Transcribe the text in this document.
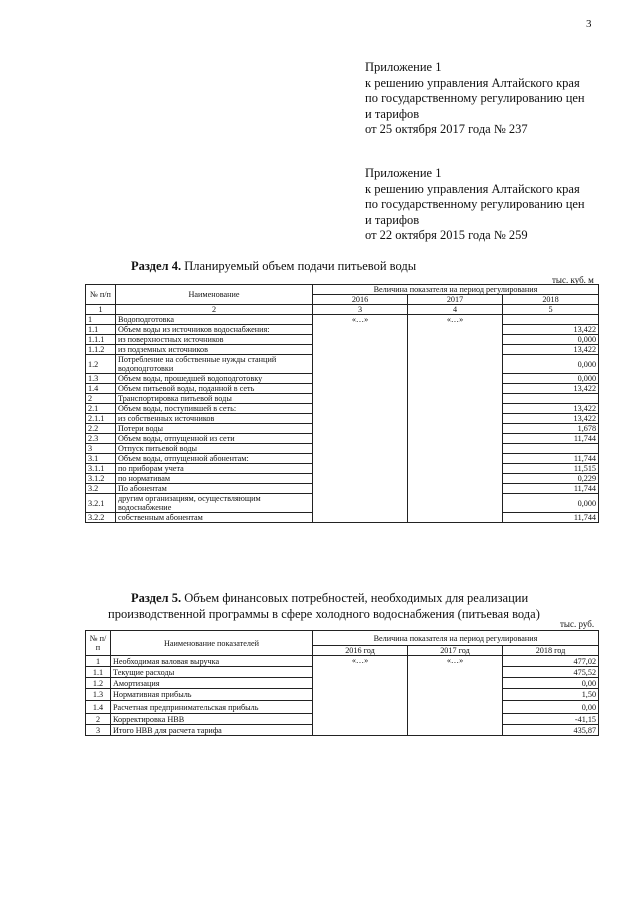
3
Приложение 1
к решению управления Алтайского края
по государственному регулированию цен
и тарифов
от 25 октября 2017 года № 237
Приложение 1
к решению управления Алтайского края
по государственному регулированию цен
и тарифов
от 22 октября 2015 года № 259
Раздел 4. Планируемый объем подачи питьевой воды
тыс. куб. м
№ п/п	Наименование	Величина показателя на период регулирования		
		2016	2017	2018
1	2	3	4	5
1	Водоподготовка	«…»	«…»	
1.1	Объем воды из источников водоснабжения:			13,422
1.1.1	из поверхностных источников			0,000
1.1.2	из подземных источников			13,422
1.2	Потребление на собственные нужды станций водоподготовки			0,000
1.3	Объем воды, прошедшей водоподготовку			0,000
1.4	Объем питьевой воды, поданной в сеть			13,422
2	Транспортировка питьевой воды			
2.1	Объем воды, поступившей в сеть:			13,422
2.1.1	из собственных источников			13,422
2.2	Потери воды			1,678
2.3	Объем воды, отпущенной из сети			11,744
3	Отпуск питьевой воды			
3.1	Объем воды, отпущенной абонентам:			11,744
3.1.1	по приборам учета			11,515
3.1.2	по нормативам			0,229
3.2	По абонентам			11,744
3.2.1	другим организациям, осуществляющим водоснабжение			0,000
3.2.2	собственным абонентам			11,744
Раздел 5. Объем финансовых потребностей, необходимых для реализации производственной программы в сфере холодного водоснабжения (питьевая вода)
тыс. руб.
№ п/п	Наименование показателей	Величина показателя на период регулирования		
		2016 год	2017 год	2018 год
1	Необходимая валовая выручка	«…»	«…»	477,02
1.1	Текущие расходы			475,52
1.2	Амортизация			0,00
1.3	Нормативная прибыль			1,50
1.4	Расчетная предпринимательская прибыль			0,00
2	Корректировка НВВ			-41,15
3	Итого НВВ для расчета тарифа			435,87
